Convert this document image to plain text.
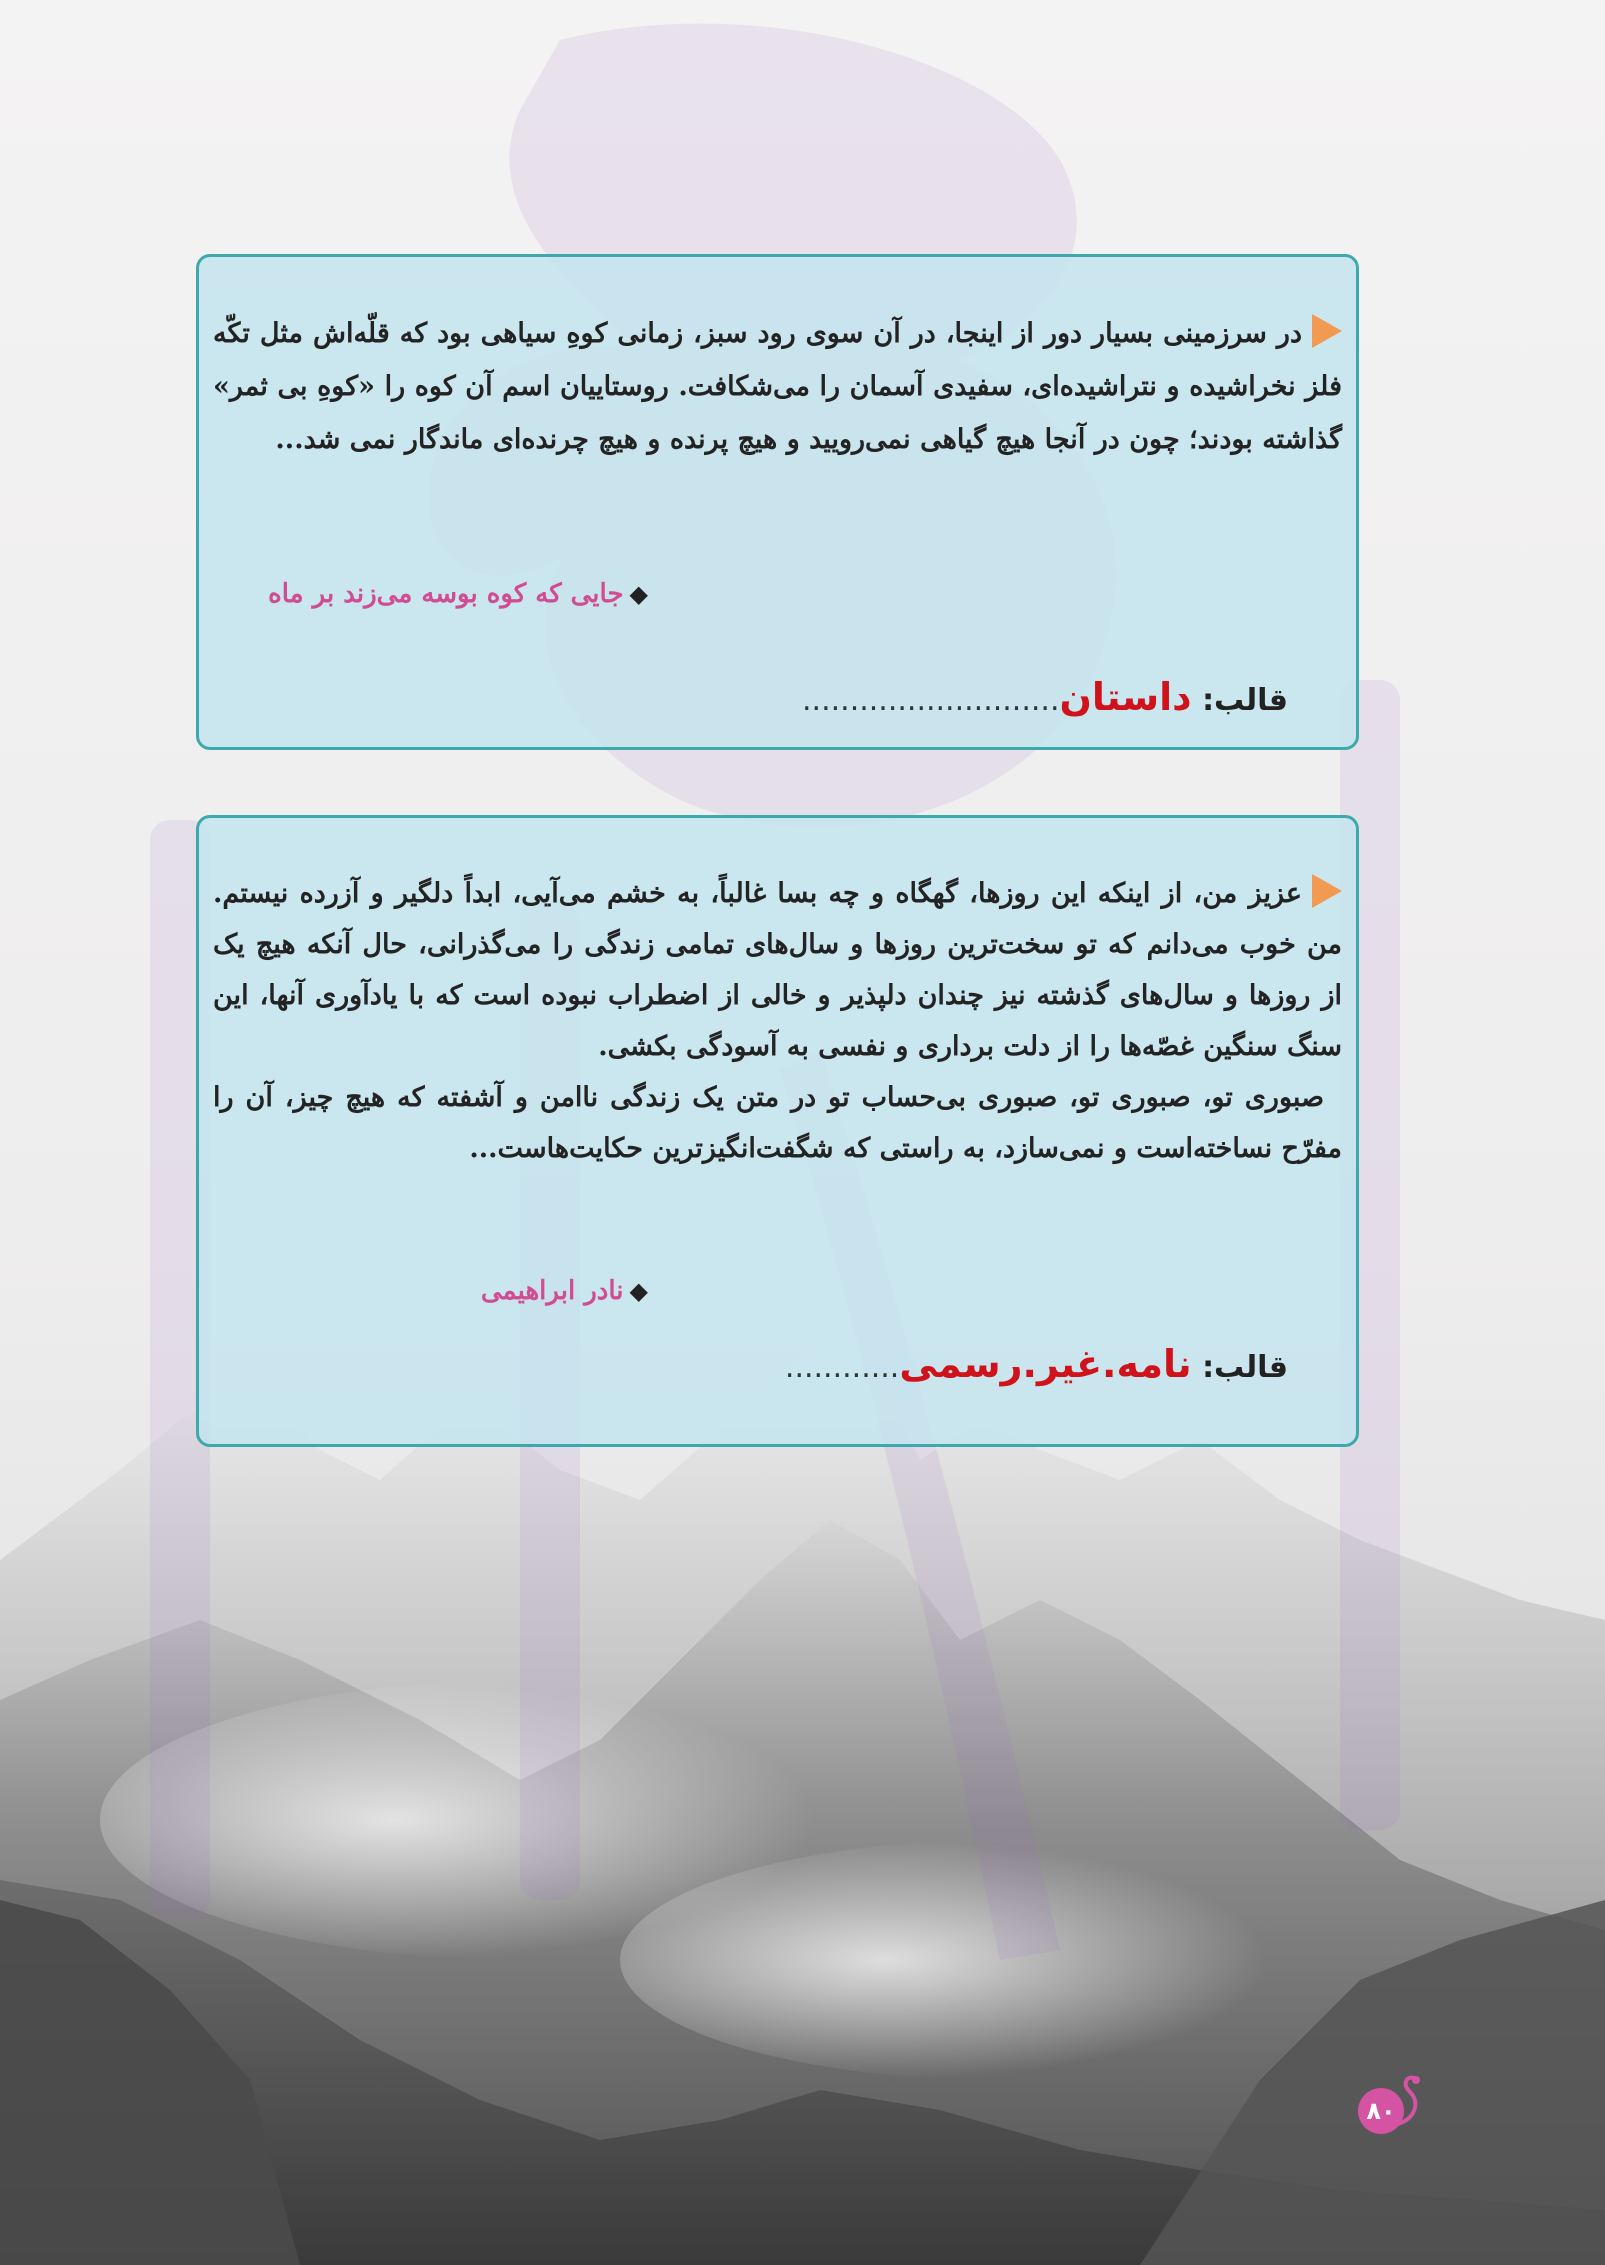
در سرزمینی بسیار دور از اینجا، در آن سوی رود سبز، زمانی کوهِ سیاهی بود که قلّه‌اش مثل تکّه فلز نخراشیده و نتراشیده‌ای، سفیدی آسمان را می‌شکافت. روستاییان اسم آن کوه را «کوهِ بی ثمر» گذاشته بودند؛ چون در آنجا هیچ گیاهی نمی‌رویید و هیچ پرنده و هیچ چرنده‌ای ماندگار نمی شد...

◆جایی که کوه بوسه می‌زند بر ماه
قالب: داستان...........................

عزیز من، از اینکه این روزها، گهگاه و چه بسا غالباً، به خشم می‌آیی، ابداً دلگیر و آزرده نیستم. من خوب می‌دانم که تو سخت‌ترین روزها و سال‌های تمامی زندگی را می‌گذرانی، حال آنکه هیچ یک از روزها و سال‌های گذشته نیز چندان دلپذیر و خالی از اضطراب نبوده است که با یادآوری آنها، این سنگ سنگین غصّه‌ها را از دلت برداری و نفسی به آسودگی بکشی.

صبوری تو، صبوری تو، صبوری بی‌حساب تو در متن یک زندگی ناامن و آشفته که هیچ چیز، آن را مفرّح نساخته‌است و نمی‌سازد، به راستی که شگفت‌انگیزترین حکایت‌هاست...

◆نادر ابراهیمی
قالب: نامه.غیر.رسمی............
۸۰
